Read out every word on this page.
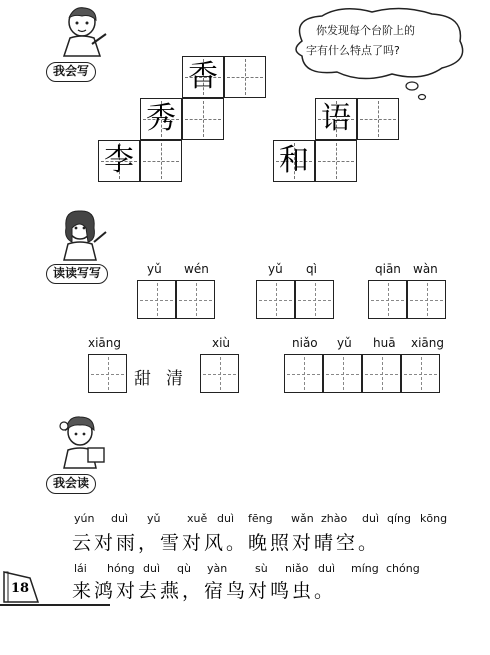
我会写
你发现每个台阶上的
字有什么特点了吗?
香
秀
李
语
和
读读写写	yǔ wén	yǔ qì	qiān wàn
xiāng	xiù	niǎo yǔ huā xiāng
甜 清
我会读
yún duì yǔ xuě duì fēng wǎn zhào duì qíng kōng
云对雨，雪对风。晚照对晴空。
lái hóng duì qù yàn	sù niǎo duì míng chóng
来鸿对去燕，宿鸟对鸣虫。
18
